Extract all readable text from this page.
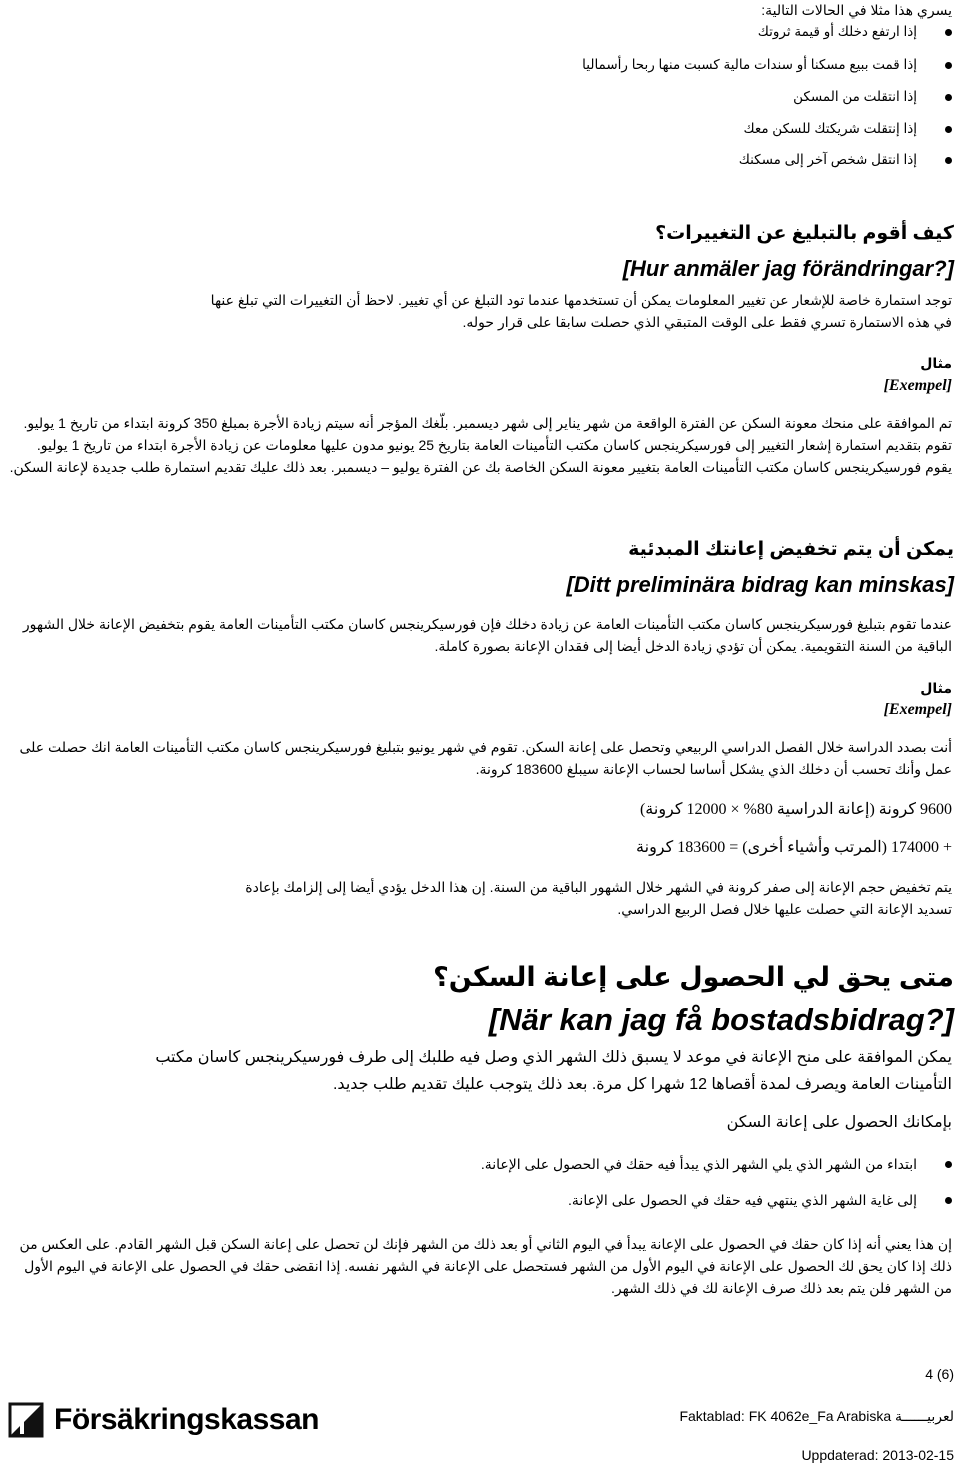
يسري هذا مثلا في الحالات التالية:
إذا ارتفع دخلك أو قيمة ثروتك
إذا قمت ببيع مسكنا أو سندات مالية كسبت منها ربحا رأسماليا
إذا انتقلت من المسكن
إذا إنتقلت شريكتك للسكن معك
إذا انتقل شخص آخر إلى مسكنك
كيف أقوم بالتبليغ عن التغييرات؟
[Hur anmäler jag förändringar?]
توجد استمارة خاصة للإشعار عن تغيير المعلومات يمكن أن تستخدمها عندما تود التبلغ عن أي تغيير. لاحظ أن التغييرات التي تبلغ عنها في هذه الاستمارة تسري فقط على الوقت المتبقي الذي حصلت سابقا على قرار حوله.
مثال
[Exempel]
تم الموافقة على منحك معونة السكن عن الفترة الواقعة من شهر يناير إلى شهر ديسمبر. بلّغك المؤجر أنه سيتم زيادة الأجرة بمبلغ 350 كرونة ابتداء من تاريخ 1 يوليو. تقوم بتقديم استمارة إشعار التغيير إلى فورسيكرينجس كاسان مكتب التأمينات العامة بتاريخ 25 يونيو مدون عليها معلومات عن زيادة الأجرة ابتداء من تاريخ 1 يوليو. يقوم فورسيكرينجس كاسان مكتب التأمينات العامة بتغيير معونة السكن الخاصة بك عن الفترة يوليو – ديسمبر. بعد ذلك عليك تقديم استمارة طلب جديدة لإعانة السكن.
يمكن أن يتم تخفيض إعانتك المبدئية
[Ditt preliminära bidrag kan minskas]
عندما تقوم بتبليغ فورسيكرينجس كاسان مكتب التأمينات العامة عن زيادة دخلك فإن فورسيكرينجس كاسان مكتب التأمينات العامة يقوم بتخفيض الإعانة خلال الشهور الباقية من السنة التقويمية. يمكن أن تؤدي زيادة الدخل أيضا إلى فقدان الإعانة بصورة كاملة.
مثال
[Exempel]
أنت بصدد الدراسة خلال الفصل الدراسي الربيعي وتحصل على إعانة السكن. تقوم في شهر يونيو بتبليغ فورسيكرينجس كاسان مكتب التأمينات العامة انك حصلت على عمل وأنك تحسب أن دخلك الذي يشكل أساسا لحساب الإعانة سيبلغ 183600 كرونة.
9600 كرونة (إعانة الدراسية 80% × 12000 كرونة)
+ 174000 (المرتب وأشياء أخرى) = 183600 كرونة
يتم تخفيض حجم الإعانة إلى صفر كرونة في الشهر خلال الشهور الباقية من السنة. إن هذا الدخل يؤدي أيضا إلى إلزامك بإعادة تسديد الإعانة التي حصلت عليها خلال فصل الربيع الدراسي.
متى يحق لي الحصول على إعانة السكن؟
[När kan jag få bostadsbidrag?]
يمكن الموافقة على منح الإعانة في موعد لا يسبق ذلك الشهر الذي وصل فيه طلبك إلى طرف فورسيكرينجس كاسان مكتب التأمينات العامة ويصرف لمدة أقصاها 12 شهرا كل مرة. بعد ذلك يتوجب عليك تقديم طلب جديد.
بإمكانك الحصول على إعانة السكن
ابتداء من الشهر الذي يلي الشهر الذي يبدأ فيه حقك في الحصول على الإعانة.
إلى غاية الشهر الذي ينتهي فيه حقك في الحصول على الإعانة.
إن هذا يعني أنه إذا كان حقك في الحصول على الإعانة يبدأ في اليوم الثاني أو بعد ذلك من الشهر فإنك لن تحصل على إعانة السكن قبل الشهر القادم. على العكس من ذلك إذا كان يحق لك الحصول على الإعانة في اليوم الأول من الشهر فستحصل على الإعانة في الشهر نفسه. إذا انقضى حقك في الحصول على الإعانة في اليوم الأول من الشهر فلن يتم بعد ذلك صرف الإعانة لك في ذلك الشهر.
4 (6)
Försäkringskassan	Faktablad: FK 4062e_Fa Arabiska لعربيــــــة
Uppdaterad: 2013-02-15
